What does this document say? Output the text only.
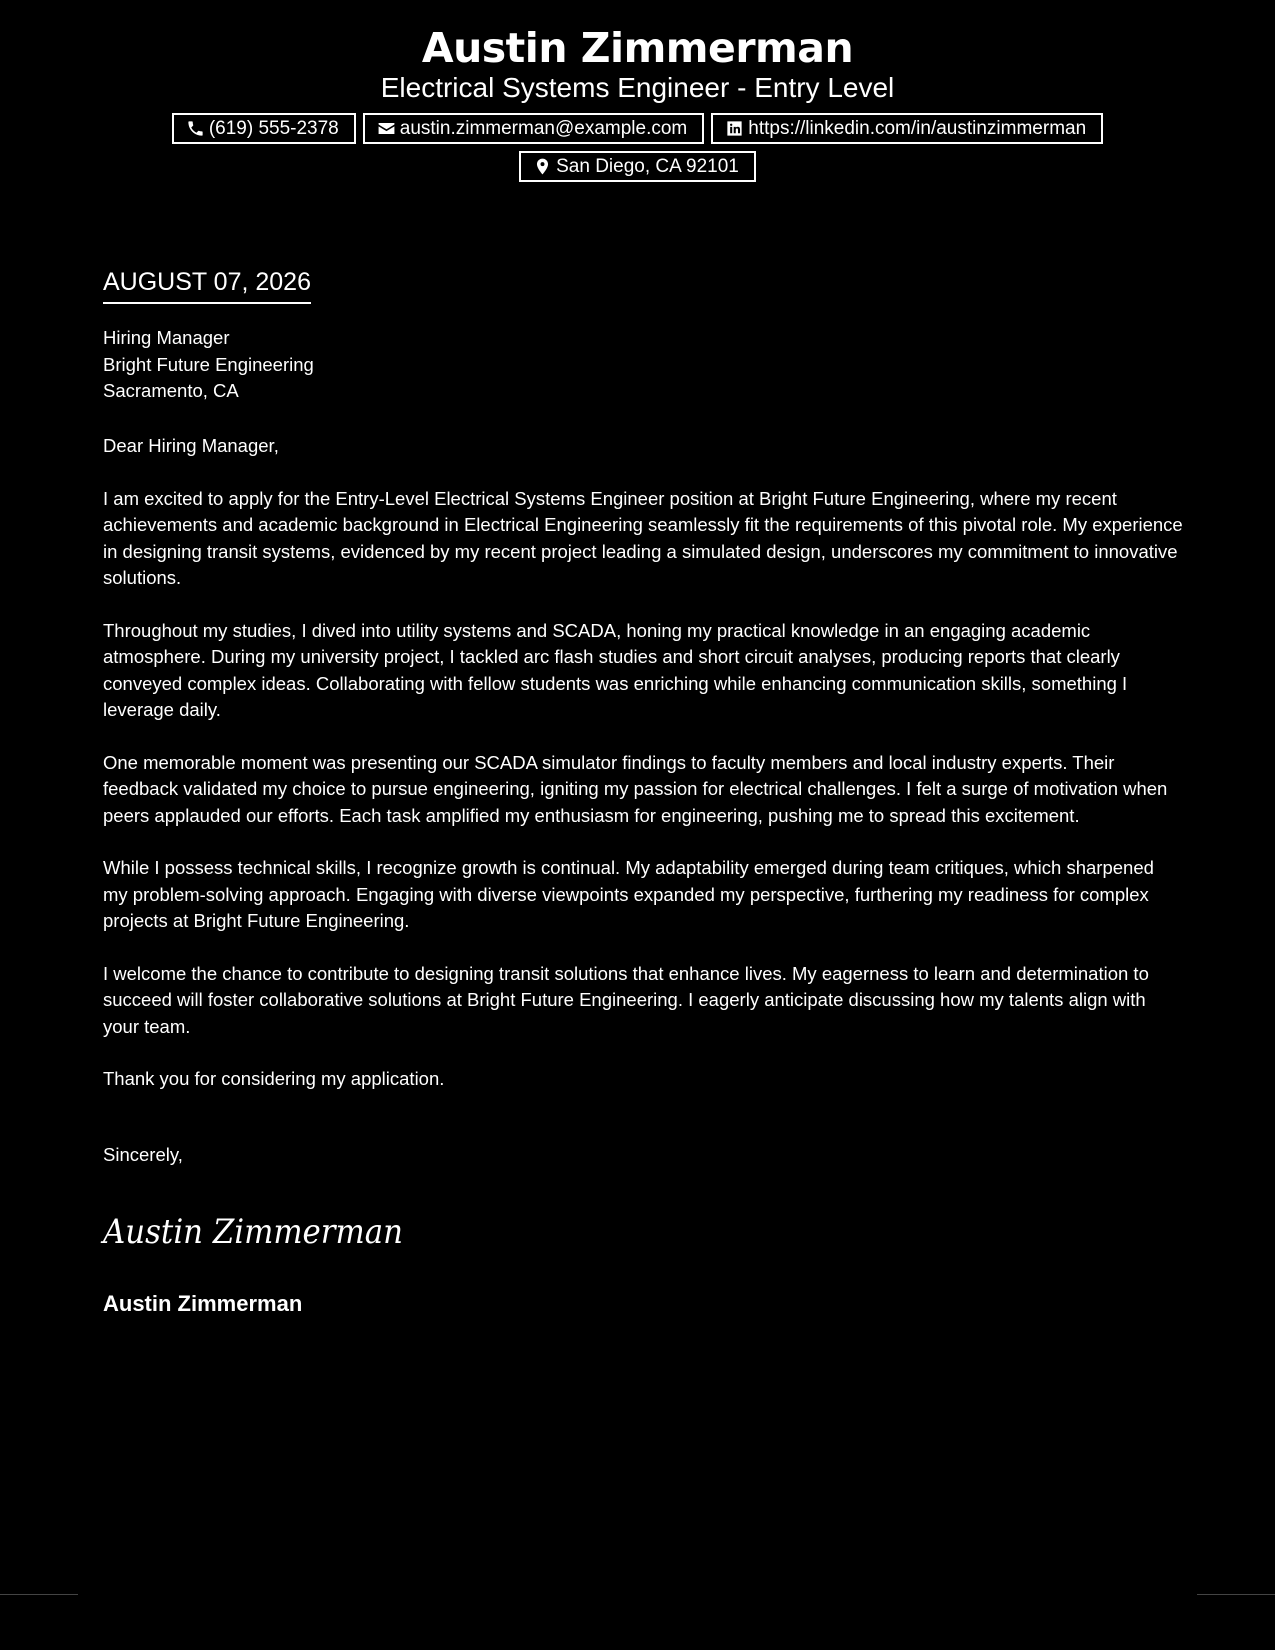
Austin Zimmerman
Electrical Systems Engineer - Entry Level
(619) 555-2378	austin.zimmerman@example.com	https://linkedin.com/in/austinzimmerman
San Diego, CA 92101
AUGUST 07, 2026
Hiring Manager
Bright Future Engineering
Sacramento, CA

Dear Hiring Manager,

I am excited to apply for the Entry-Level Electrical Systems Engineer position at Bright Future Engineering, where my recent achievements and academic background in Electrical Engineering seamlessly fit the requirements of this pivotal role. My experience in designing transit systems, evidenced by my recent project leading a simulated design, underscores my commitment to innovative solutions.

Throughout my studies, I dived into utility systems and SCADA, honing my practical knowledge in an engaging academic atmosphere. During my university project, I tackled arc flash studies and short circuit analyses, producing reports that clearly conveyed complex ideas. Collaborating with fellow students was enriching while enhancing communication skills, something I leverage daily.

One memorable moment was presenting our SCADA simulator findings to faculty members and local industry experts. Their feedback validated my choice to pursue engineering, igniting my passion for electrical challenges. I felt a surge of motivation when peers applauded our efforts. Each task amplified my enthusiasm for engineering, pushing me to spread this excitement.

While I possess technical skills, I recognize growth is continual. My adaptability emerged during team critiques, which sharpened my problem-solving approach. Engaging with diverse viewpoints expanded my perspective, furthering my readiness for complex projects at Bright Future Engineering.

I welcome the chance to contribute to designing transit solutions that enhance lives. My eagerness to learn and determination to succeed will foster collaborative solutions at Bright Future Engineering. I eagerly anticipate discussing how my talents align with your team.

Thank you for considering my application.

Sincerely,
Austin Zimmerman
Austin Zimmerman
